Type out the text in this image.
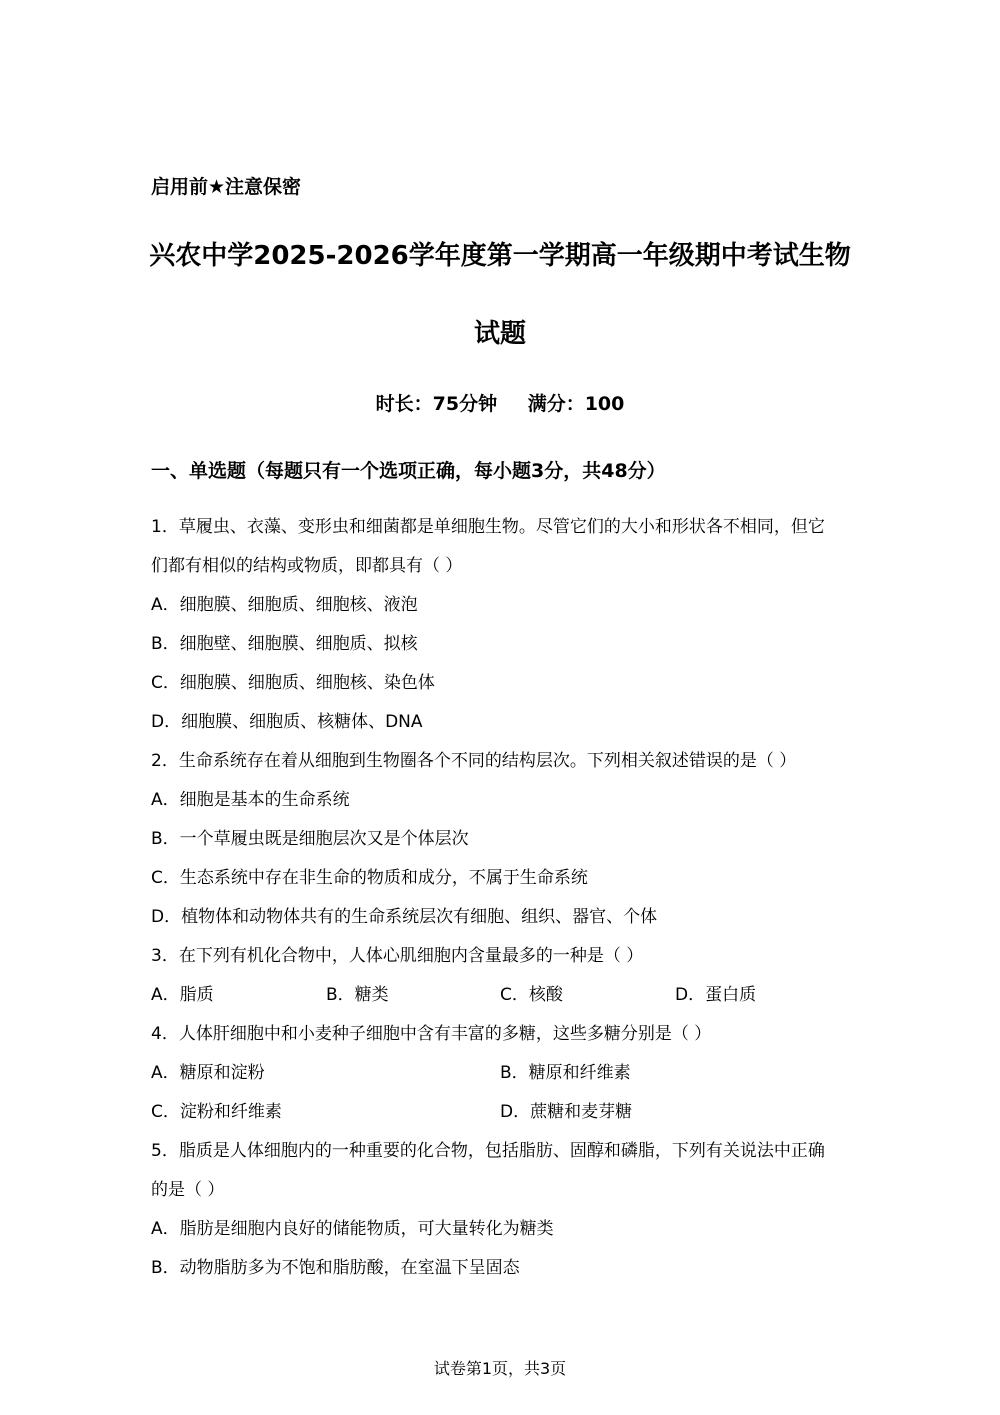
启用前★注意保密
兴农中学2025-2026学年度第一学期高一年级期中考试生物
试题
时长：75分钟 满分：100
一、单选题（每题只有一个选项正确，每小题3分，共48分）
1．草履虫、衣藻、变形虫和细菌都是单细胞生物。尽管它们的大小和形状各不相同，但它
们都有相似的结构或物质，即都具有（ ）
A．细胞膜、细胞质、细胞核、液泡
B．细胞壁、细胞膜、细胞质、拟核
C．细胞膜、细胞质、细胞核、染色体
D．细胞膜、细胞质、核糖体、DNA
2．生命系统存在着从细胞到生物圈各个不同的结构层次。下列相关叙述错误的是（ ）
A．细胞是基本的生命系统
B．一个草履虫既是细胞层次又是个体层次
C．生态系统中存在非生命的物质和成分，不属于生命系统
D．植物体和动物体共有的生命系统层次有细胞、组织、器官、个体
3．在下列有机化合物中，人体心肌细胞内含量最多的一种是（ ）
A．脂质	B．糖类	C．核酸	D．蛋白质
4．人体肝细胞中和小麦种子细胞中含有丰富的多糖，这些多糖分别是（ ）
A．糖原和淀粉	B．糖原和纤维素
C．淀粉和纤维素	D．蔗糖和麦芽糖
5．脂质是人体细胞内的一种重要的化合物，包括脂肪、固醇和磷脂，下列有关说法中正确
的是（ ）
A．脂肪是细胞内良好的储能物质，可大量转化为糖类
B．动物脂肪多为不饱和脂肪酸，在室温下呈固态
试卷第1页，共3页
